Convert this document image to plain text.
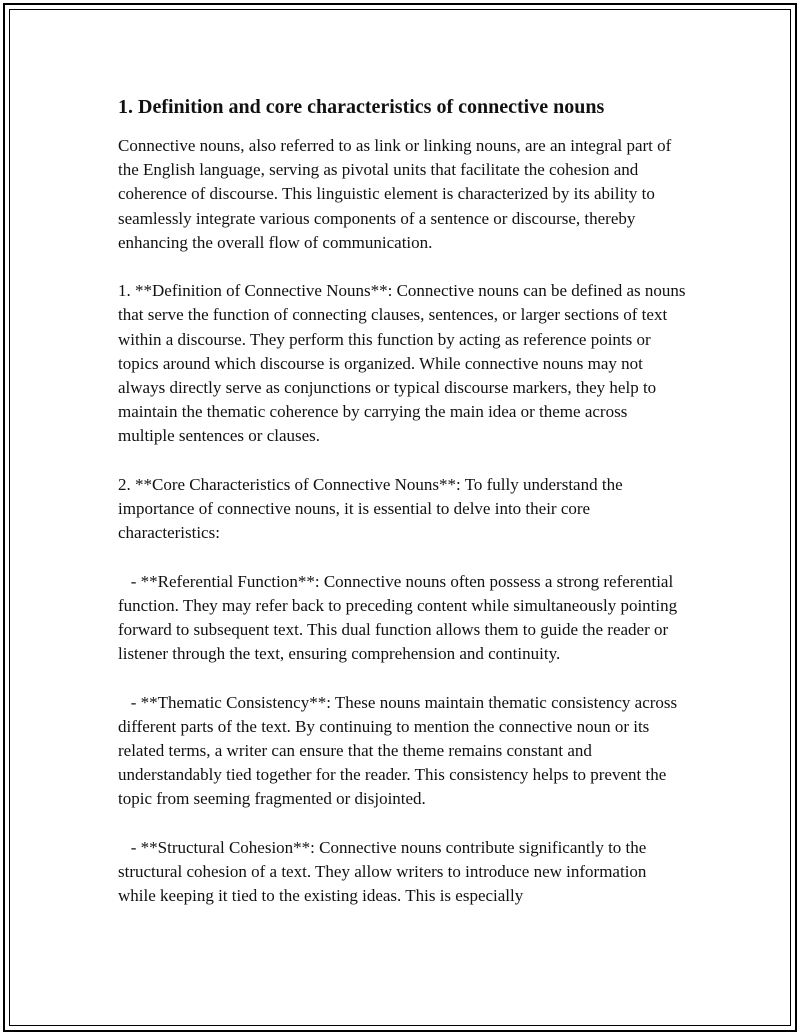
1. Definition and core characteristics of connective nouns

Connective nouns, also referred to as link or linking nouns, are an integral part of the English language, serving as pivotal units that facilitate the cohesion and coherence of discourse. This linguistic element is characterized by its ability to seamlessly integrate various components of a sentence or discourse, thereby enhancing the overall flow of communication.

1. **Definition of Connective Nouns**: Connective nouns can be defined as nouns that serve the function of connecting clauses, sentences, or larger sections of text within a discourse. They perform this function by acting as reference points or topics around which discourse is organized. While connective nouns may not always directly serve as conjunctions or typical discourse markers, they help to maintain the thematic coherence by carrying the main idea or theme across multiple sentences or clauses.

2. **Core Characteristics of Connective Nouns**: To fully understand the importance of connective nouns, it is essential to delve into their core characteristics:

- **Referential Function**: Connective nouns often possess a strong referential function. They may refer back to preceding content while simultaneously pointing forward to subsequent text. This dual function allows them to guide the reader or listener through the text, ensuring comprehension and continuity.

- **Thematic Consistency**: These nouns maintain thematic consistency across different parts of the text. By continuing to mention the connective noun or its related terms, a writer can ensure that the theme remains constant and understandably tied together for the reader. This consistency helps to prevent the topic from seeming fragmented or disjointed.

- **Structural Cohesion**: Connective nouns contribute significantly to the structural cohesion of a text. They allow writers to introduce new information while keeping it tied to the existing ideas. This is especially
